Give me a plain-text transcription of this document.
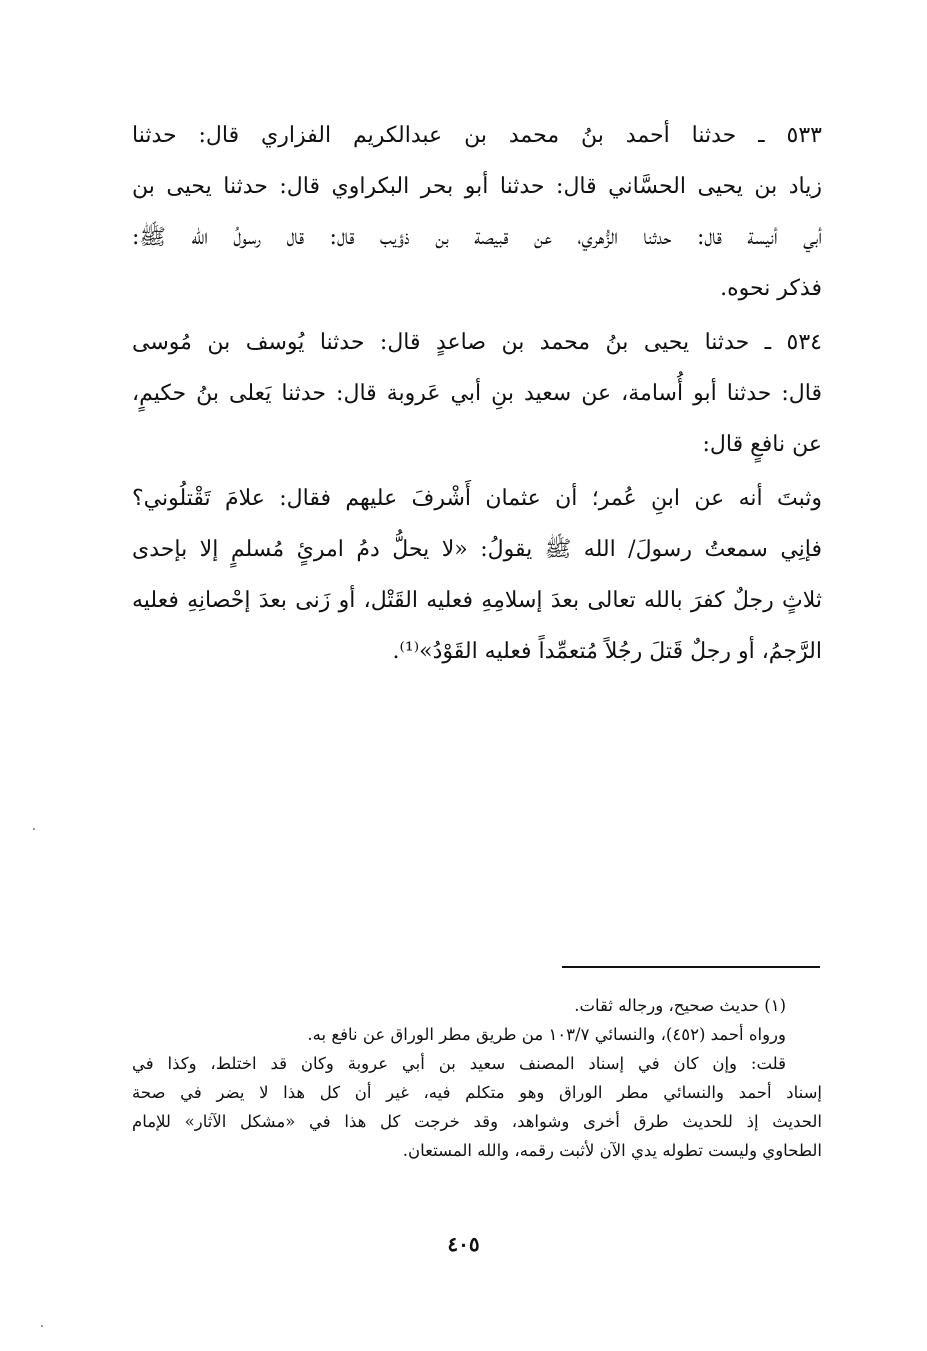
٥٣٣ ـ حدثنا أحمد بنُ محمد بن عبدالكريم الفزاري قال: حدثنا
زياد بن يحيى الحسَّاني قال: حدثنا أبو بحر البكراوي قال: حدثنا يحيى بن
أبي أنيسة قال: حدثنا الزُّهري، عن قبيصة بن ذؤيب قال: قال رسولُ الله ﷺ:
فذكر نحوه.
٥٣٤ ـ حدثنا يحيى بنُ محمد بن صاعدٍ قال: حدثنا يُوسف بن مُوسى
قال: حدثنا أبو أُسامة، عن سعيد بنِ أبي عَروبة قال: حدثنا يَعلى بنُ حكيمٍ،
عن نافعٍ قال:
وثبتَ أنه عن ابنِ عُمر؛ أن عثمان أَشْرفَ عليهم فقال: علامَ تَقْتلُوني؟
فإنِي سمعتُ رسولَ/ الله ﷺ يقولُ: «لا يحلُّ دمُ امرئٍ مُسلمٍ إلا بإحدى
ثلاثٍ رجلٌ كفرَ بالله تعالى بعدَ إسلامِهِ فعليه القَتْل، أو زَنى بعدَ إحْصانِهِ فعليه
الرَّجمُ، أو رجلٌ قَتلَ رجُلاً مُتعمِّداً فعليه القَوْدُ»⁽¹⁾.
(١) حديث صحيح، ورجاله ثقات.
ورواه أحمد (٤٥٢)، والنسائي ١٠٣/٧ من طريق مطر الوراق عن نافع به.
قلت: وإن كان في إسناد المصنف سعيد بن أبي عروبة وكان قد اختلط، وكذا في
إسناد أحمد والنسائي مطر الوراق وهو متكلم فيه، غير أن كل هذا لا يضر في صحة
الحديث إذ للحديث طرق أخرى وشواهد، وقد خرجت كل هذا في «مشكل الآثار» للإمام
الطحاوي وليست تطوله يدي الآن لأثبت رقمه، والله المستعان.
٤٠٥
